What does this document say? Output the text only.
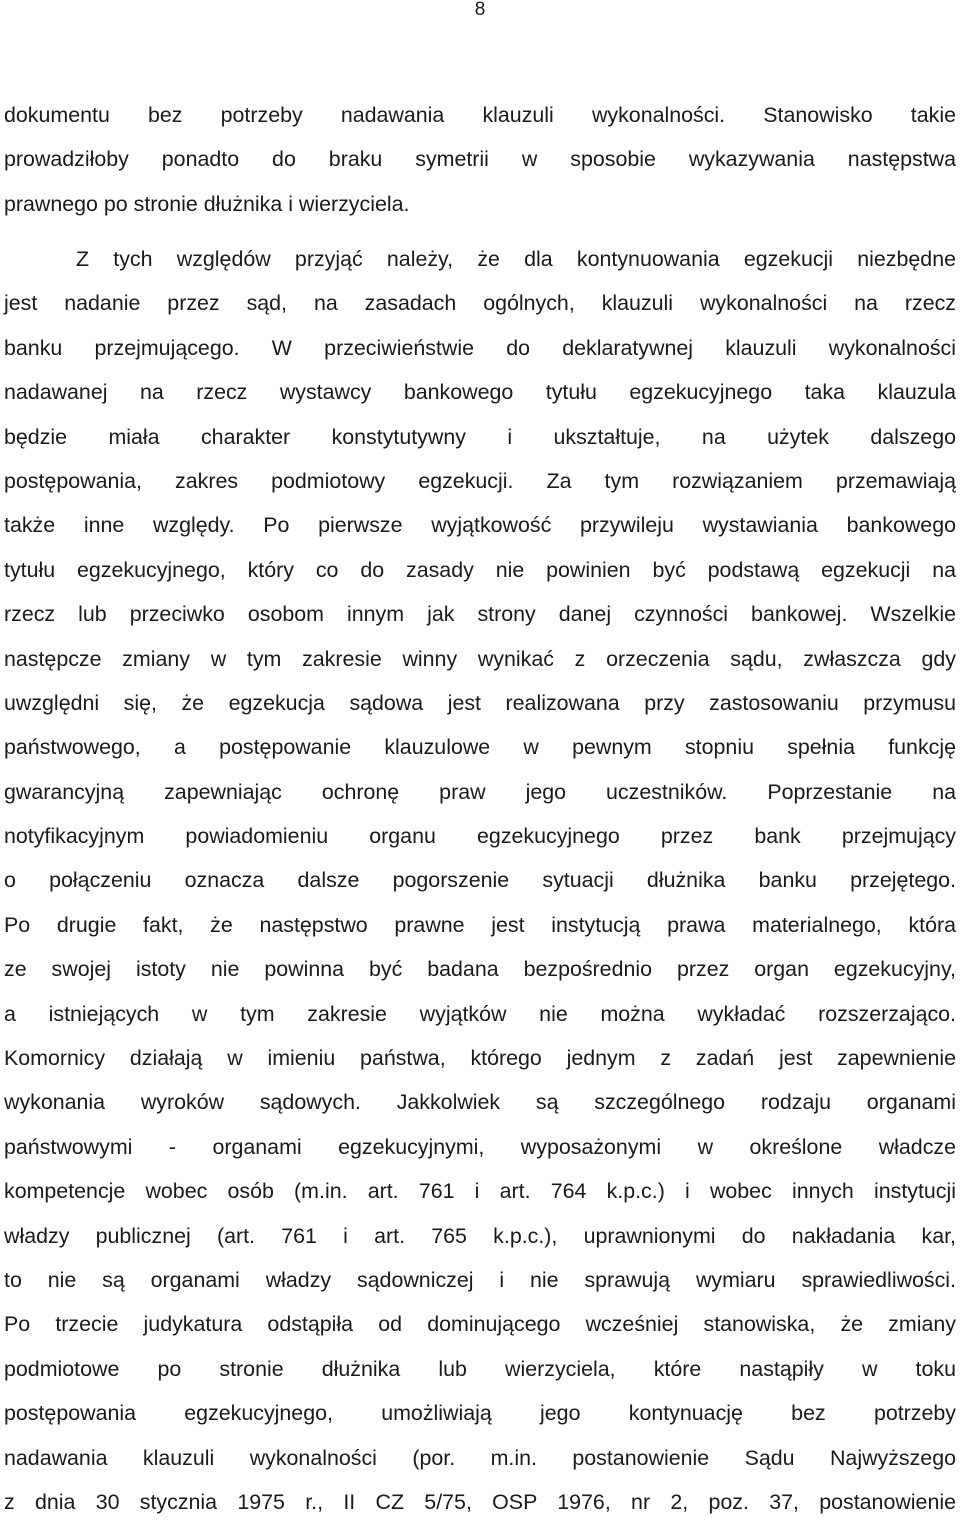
8
dokumentu bez potrzeby nadawania klauzuli wykonalności. Stanowisko takie
prowadziłoby ponadto do braku symetrii w sposobie wykazywania następstwa
prawnego po stronie dłużnika i wierzyciela.
Z tych względów przyjąć należy, że dla kontynuowania egzekucji niezbędne
jest nadanie przez sąd, na zasadach ogólnych, klauzuli wykonalności na rzecz
banku przejmującego. W przeciwieństwie do deklaratywnej klauzuli wykonalności
nadawanej na rzecz wystawcy bankowego tytułu egzekucyjnego taka klauzula
będzie miała charakter konstytutywny i ukształtuje, na użytek dalszego
postępowania, zakres podmiotowy egzekucji. Za tym rozwiązaniem przemawiają
także inne względy. Po pierwsze wyjątkowość przywileju wystawiania bankowego
tytułu egzekucyjnego, który co do zasady nie powinien być podstawą egzekucji na
rzecz lub przeciwko osobom innym jak strony danej czynności bankowej. Wszelkie
następcze zmiany w tym zakresie winny wynikać z orzeczenia sądu, zwłaszcza gdy
uwzględni się, że egzekucja sądowa jest realizowana przy zastosowaniu przymusu
państwowego, a postępowanie klauzulowe w pewnym stopniu spełnia funkcję
gwarancyjną zapewniając ochronę praw jego uczestników. Poprzestanie na
notyfikacyjnym powiadomieniu organu egzekucyjnego przez bank przejmujący
o połączeniu oznacza dalsze pogorszenie sytuacji dłużnika banku przejętego.
Po drugie fakt, że następstwo prawne jest instytucją prawa materialnego, która
ze swojej istoty nie powinna być badana bezpośrednio przez organ egzekucyjny,
a istniejących w tym zakresie wyjątków nie można wykładać rozszerzająco.
Komornicy działają w imieniu państwa, którego jednym z zadań jest zapewnienie
wykonania wyroków sądowych. Jakkolwiek są szczególnego rodzaju organami
państwowymi - organami egzekucyjnymi, wyposażonymi w określone władcze
kompetencje wobec osób (m.in. art. 761 i art. 764 k.p.c.) i wobec innych instytucji
władzy publicznej (art. 761 i art. 765 k.p.c.), uprawnionymi do nakładania kar,
to nie są organami władzy sądowniczej i nie sprawują wymiaru sprawiedliwości.
Po trzecie judykatura odstąpiła od dominującego wcześniej stanowiska, że zmiany
podmiotowe po stronie dłużnika lub wierzyciela, które nastąpiły w toku
postępowania egzekucyjnego, umożliwiają jego kontynuację bez potrzeby
nadawania klauzuli wykonalności (por. m.in. postanowienie Sądu Najwyższego
z dnia 30 stycznia 1975 r., II CZ 5/75, OSP 1976, nr 2, poz. 37, postanowienie
